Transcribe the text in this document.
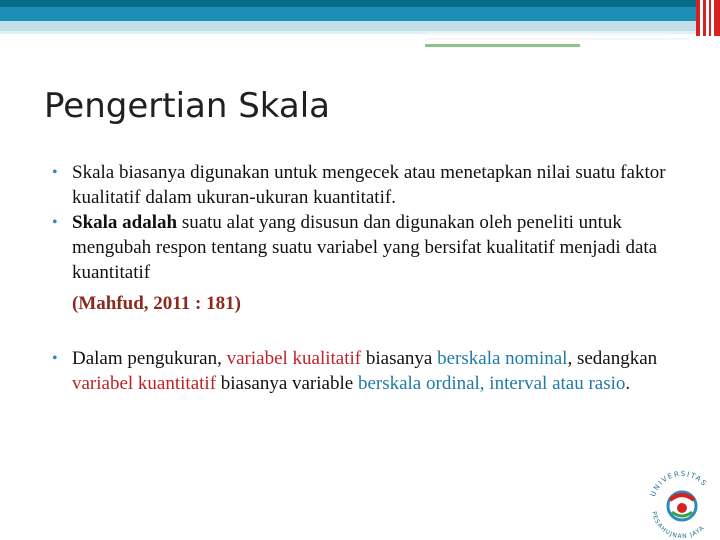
Pengertian Skala
• Skala biasanya digunakan untuk mengecek atau menetapkan nilai suatu faktor kualitatif dalam ukuran-ukuran kuantitatif.
• Skala adalah suatu alat yang disusun dan digunakan oleh peneliti untuk mengubah respon tentang suatu variabel yang bersifat kualitatif menjadi data kuantitatif
(Mahfud, 2011 : 181)
• Dalam pengukuran, variabel kualitatif biasanya berskala nominal, sedangkan variabel kuantitatif biasanya variable berskala ordinal, interval atau rasio.
UNIVERSITAS
PESAHUJNAN JAYA
